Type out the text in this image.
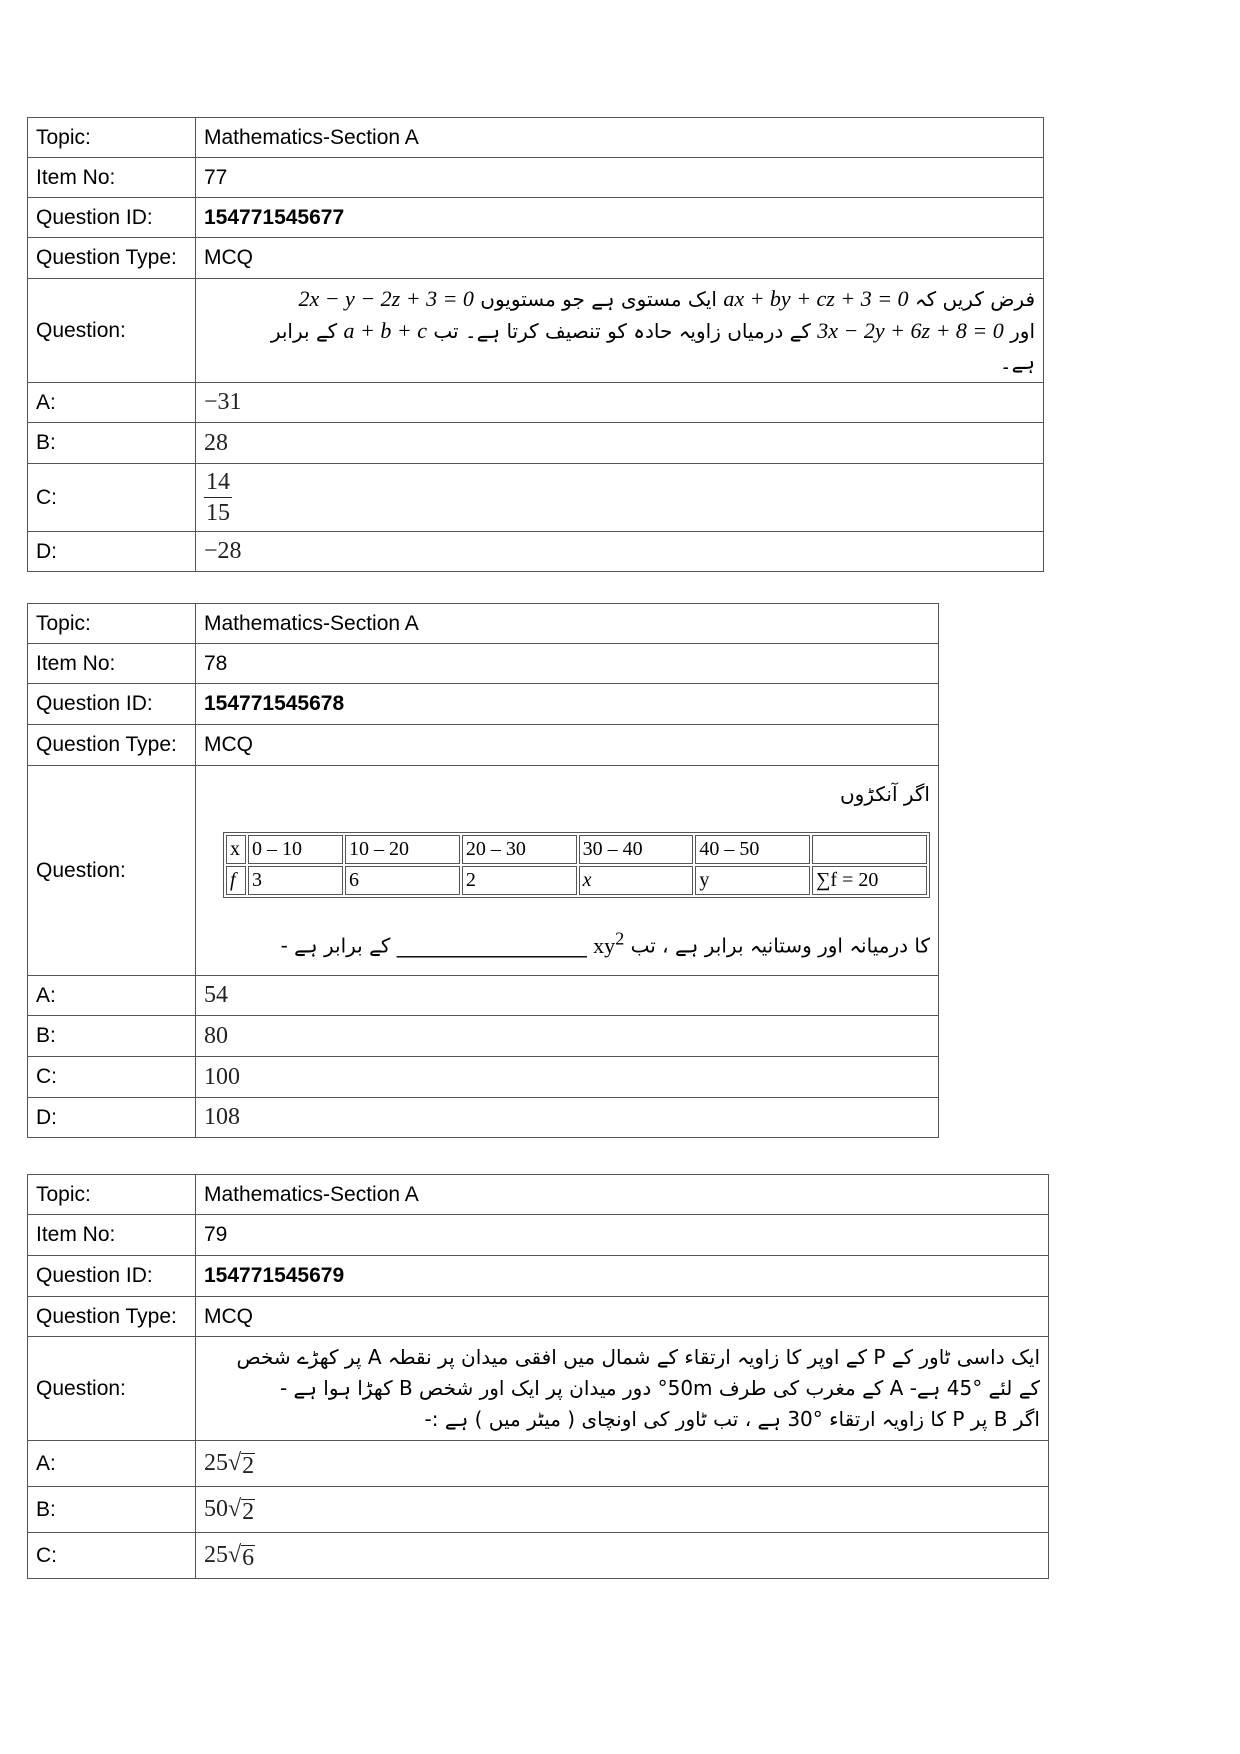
Topic:	Mathematics-Section A
Item No:	77
Question ID:	154771545677
Question Type:	MCQ
Question:	فرض کریں کہ ax + by + cz + 3 = 0 ایک مستوی ہے جو مستویوں 2x − y − 2z + 3 = 0
اور 3x − 2y + 6z + 8 = 0 کے درمیاں زاویہ حادہ کو تنصیف کرتا ہے۔ تب a + b + c کے برابر
ہے۔

A:	−31
B:	28
C:	$\frac{14}{15}$

D:	−28
Topic:	Mathematics-Section A
Item No:	78
Question ID:	154771545678
Question Type:	MCQ
Question:	
اگر آنکڑوں
x	0 – 10	10 – 20	20 – 30	30 – 40	40 – 50	
f	3	6	2	x	y	∑f = 20
کا درمیانہ اور وستانیہ برابر ہے ، تب $xy^2$ ___________________ کے برابر ہے -

A:	54
B:	80
C:	100
D:	108
Topic:	Mathematics-Section A
Item No:	79
Question ID:	154771545679
Question Type:	MCQ
Question:	ایک داسی ٹاور کے P کے اوپر کا زاویہ ارتقاء کے شمال میں افقی میدان پر نقطہ A پر کھڑے شخص
کے لئے °45 ہے- A کے مغرب کی طرف 50m° دور میدان پر ایک اور شخص B کھڑا ہوا ہے -
اگر B پر P کا زاویہ ارتقاء °30 ہے ، تب ٹاور کی اونچای ( میٹر میں ) ہے :-

A:	25 √ 2

B:	50 √ 2

C:	25 √ 6
